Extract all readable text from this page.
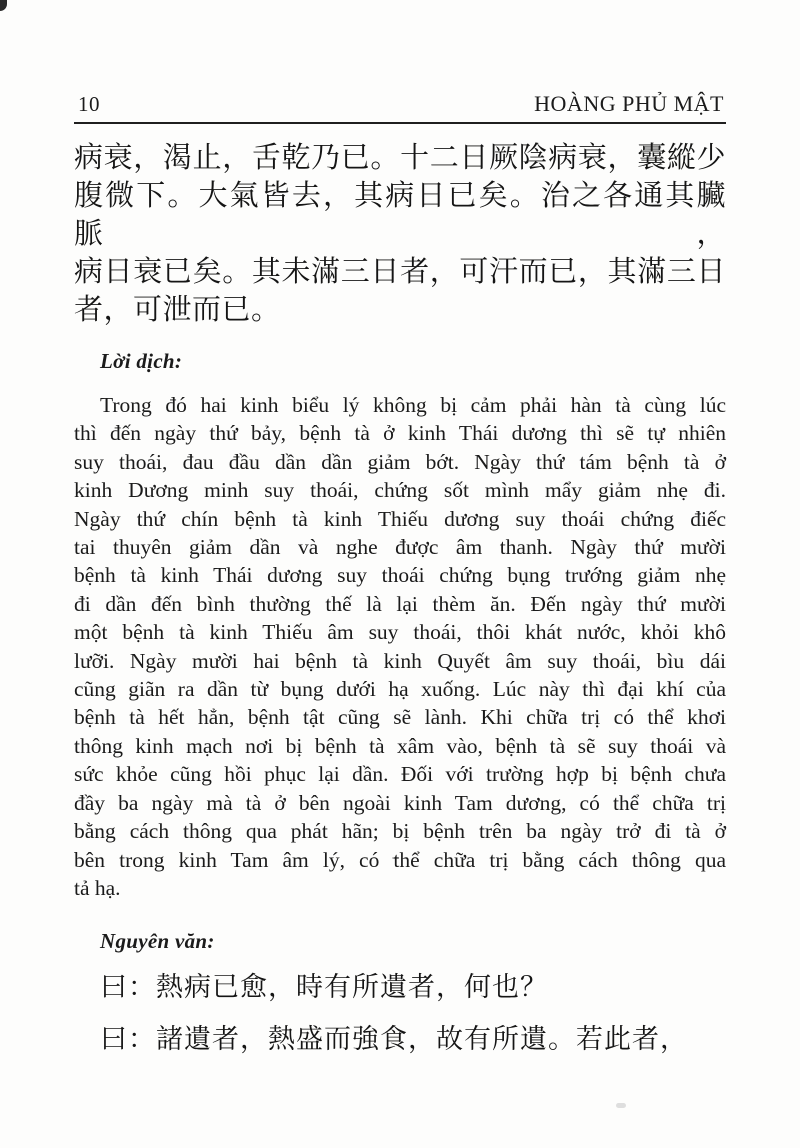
10	HOÀNG PHỦ MẬT
病衰，渴止，舌乾乃已。十二日厥陰病衰，囊縱少
腹微下。大氣皆去，其病日已矣。治之各通其臟脈，
病日衰已矣。其未滿三日者，可汗而已，其滿三日
者，可泄而已。
Lời dịch:
Trong đó hai kinh biểu lý không bị cảm phải hàn tà cùng lúc
thì đến ngày thứ bảy, bệnh tà ở kinh Thái dương thì sẽ tự nhiên
suy thoái, đau đầu dần dần giảm bớt. Ngày thứ tám bệnh tà ở
kinh Dương minh suy thoái, chứng sốt mình mẩy giảm nhẹ đi.
Ngày thứ chín bệnh tà kinh Thiếu dương suy thoái chứng điếc
tai thuyên giảm dần và nghe được âm thanh. Ngày thứ mười
bệnh tà kinh Thái dương suy thoái chứng bụng trướng giảm nhẹ
đi dần đến bình thường thế là lại thèm ăn. Đến ngày thứ mười
một bệnh tà kinh Thiếu âm suy thoái, thôi khát nước, khỏi khô
lưỡi. Ngày mười hai bệnh tà kinh Quyết âm suy thoái, bìu dái
cũng giãn ra dần từ bụng dưới hạ xuống. Lúc này thì đại khí của
bệnh tà hết hẳn, bệnh tật cũng sẽ lành. Khi chữa trị có thể khơi
thông kinh mạch nơi bị bệnh tà xâm vào, bệnh tà sẽ suy thoái và
sức khỏe cũng hồi phục lại dần. Đối với trường hợp bị bệnh chưa
đầy ba ngày mà tà ở bên ngoài kinh Tam dương, có thể chữa trị
bằng cách thông qua phát hãn; bị bệnh trên ba ngày trở đi tà ở
bên trong kinh Tam âm lý, có thể chữa trị bằng cách thông qua
tả hạ.
Nguyên văn:
曰：熱病已愈，時有所遺者，何也？
曰：諸遺者，熱盛而強食，故有所遺。若此者，
